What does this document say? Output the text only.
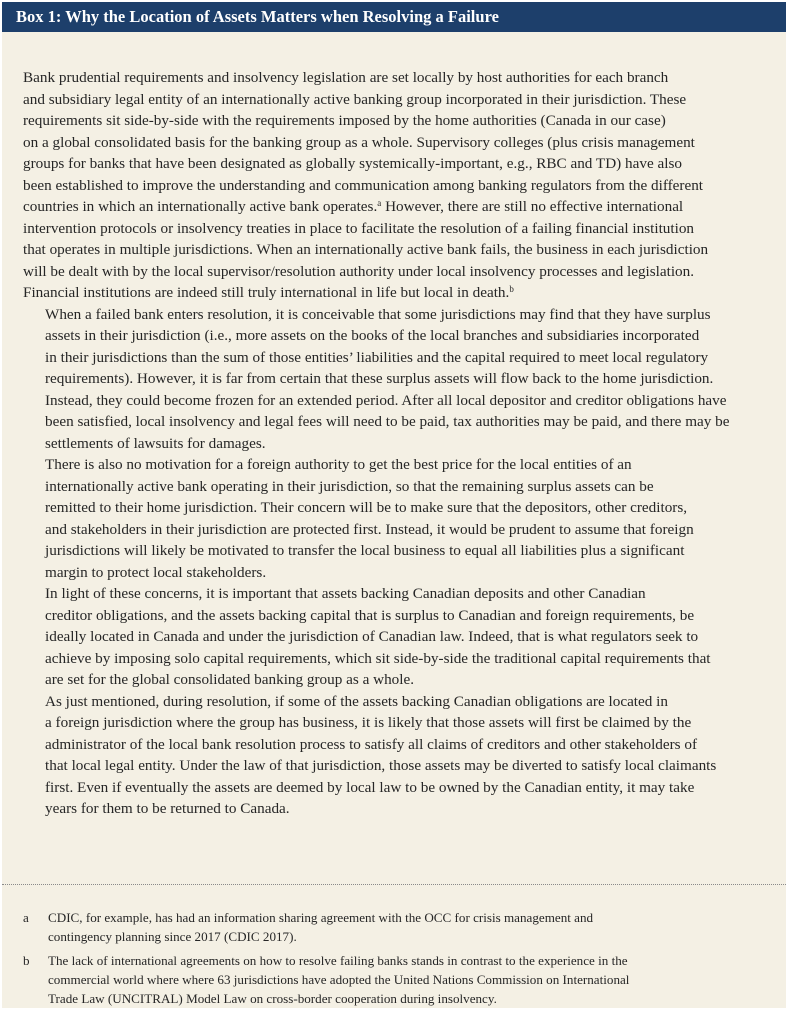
Box 1: Why the Location of Assets Matters when Resolving a Failure

Bank prudential requirements and insolvency legislation are set locally by host authorities for each branch
and subsidiary legal entity of an internationally active banking group incorporated in their jurisdiction. These
requirements sit side-by-side with the requirements imposed by the home authorities (Canada in our case)
on a global consolidated basis for the banking group as a whole. Supervisory colleges (plus crisis management
groups for banks that have been designated as globally systemically-important, e.g., RBC and TD) have also
been established to improve the understanding and communication among banking regulators from the different
countries in which an internationally active bank operates.$^a$ However, there are still no effective international
intervention protocols or insolvency treaties in place to facilitate the resolution of a failing financial institution
that operates in multiple jurisdictions. When an internationally active bank fails, the business in each jurisdiction
will be dealt with by the local supervisor/resolution authority under local insolvency processes and legislation.
Financial institutions are indeed still truly international in life but local in death.$^b$

When a failed bank enters resolution, it is conceivable that some jurisdictions may find that they have surplus
assets in their jurisdiction (i.e., more assets on the books of the local branches and subsidiaries incorporated
in their jurisdictions than the sum of those entities’ liabilities and the capital required to meet local regulatory
requirements). However, it is far from certain that these surplus assets will flow back to the home jurisdiction.
Instead, they could become frozen for an extended period. After all local depositor and creditor obligations have
been satisfied, local insolvency and legal fees will need to be paid, tax authorities may be paid, and there may be
settlements of lawsuits for damages.

There is also no motivation for a foreign authority to get the best price for the local entities of an
internationally active bank operating in their jurisdiction, so that the remaining surplus assets can be
remitted to their home jurisdiction. Their concern will be to make sure that the depositors, other creditors,
and stakeholders in their jurisdiction are protected first. Instead, it would be prudent to assume that foreign
jurisdictions will likely be motivated to transfer the local business to equal all liabilities plus a significant
margin to protect local stakeholders.

In light of these concerns, it is important that assets backing Canadian deposits and other Canadian
creditor obligations, and the assets backing capital that is surplus to Canadian and foreign requirements, be
ideally located in Canada and under the jurisdiction of Canadian law. Indeed, that is what regulators seek to
achieve by imposing solo capital requirements, which sit side-by-side the traditional capital requirements that
are set for the global consolidated banking group as a whole.

As just mentioned, during resolution, if some of the assets backing Canadian obligations are located in
a foreign jurisdiction where the group has business, it is likely that those assets will first be claimed by the
administrator of the local bank resolution process to satisfy all claims of creditors and other stakeholders of
that local legal entity. Under the law of that jurisdiction, those assets may be diverted to satisfy local claimants
first. Even if eventually the assets are deemed by local law to be owned by the Canadian entity, it may take
years for them to be returned to Canada.

a CDIC, for example, has had an information sharing agreement with the OCC for crisis management and
contingency planning since 2017 (CDIC 2017).
b The lack of international agreements on how to resolve failing banks stands in contrast to the experience in the
commercial world where where 63 jurisdictions have adopted the United Nations Commission on International
Trade Law (UNCITRAL) Model Law on cross-border cooperation during insolvency.
